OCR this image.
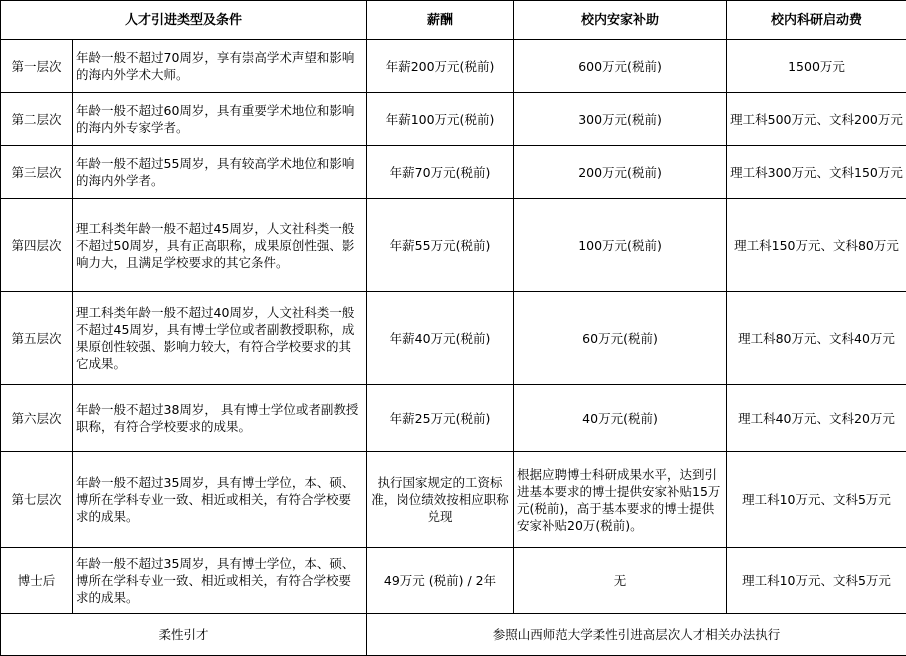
人才引进类型及条件		薪酬	校内安家补助	校内科研启动费
第一层次	年龄一般不超过70周岁，享有崇高学术声望和影响的海内外学术大师。	年薪200万元(税前)	600万元(税前)	1500万元
第二层次	年龄一般不超过60周岁，具有重要学术地位和影响的海内外专家学者。	年薪100万元(税前)	300万元(税前)	理工科500万元、文科200万元
第三层次	年龄一般不超过55周岁，具有较高学术地位和影响的海内外学者。	年薪70万元(税前)	200万元(税前)	理工科300万元、文科150万元
第四层次	理工科类年龄一般不超过45周岁，人文社科类一般不超过50周岁，具有正高职称，成果原创性强、影响力大，且满足学校要求的其它条件。	年薪55万元(税前)	100万元(税前)	理工科150万元、文科80万元
第五层次	理工科类年龄一般不超过40周岁，人文社科类一般不超过45周岁，具有博士学位或者副教授职称，成果原创性较强、影响力较大，有符合学校要求的其它成果。	年薪40万元(税前)	60万元(税前)	理工科80万元、文科40万元
第六层次	年龄一般不超过38周岁， 具有博士学位或者副教授职称，有符合学校要求的成果。	年薪25万元(税前)	40万元(税前)	理工科40万元、文科20万元
第七层次	年龄一般不超过35周岁，具有博士学位，本、硕、博所在学科专业一致、相近或相关，有符合学校要求的成果。	执行国家规定的工资标准，岗位绩效按相应职称兑现	根据应聘博士科研成果水平，达到引进基本要求的博士提供安家补贴15万元(税前)，高于基本要求的博士提供安家补贴20万(税前)。	理工科10万元、文科5万元
博士后	年龄一般不超过35周岁，具有博士学位，本、硕、博所在学科专业一致、相近或相关，有符合学校要求的成果。	49万元 (税前) / 2年	无	理工科10万元、文科5万元
柔性引才		参照山西师范大学柔性引进高层次人才相关办法执行		
